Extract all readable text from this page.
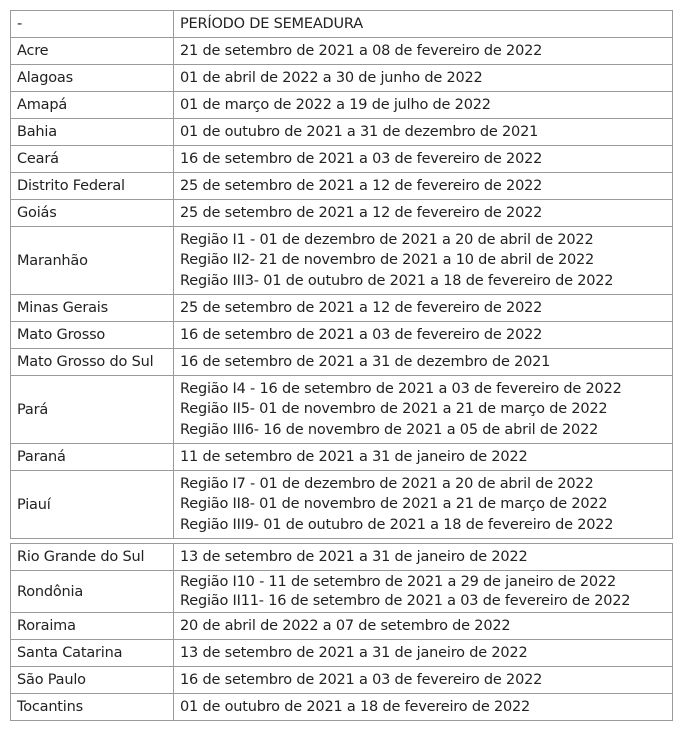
-	PERÍODO DE SEMEADURA
Acre	21 de setembro de 2021 a 08 de fevereiro de 2022

Alagoas	01 de abril de 2022 a 30 de junho de 2022

Amapá	01 de março de 2022 a 19 de julho de 2022

Bahia	01 de outubro de 2021 a 31 de dezembro de 2021

Ceará	16 de setembro de 2021 a 03 de fevereiro de 2022

Distrito Federal	25 de setembro de 2021 a 12 de fevereiro de 2022

Goiás	25 de setembro de 2021 a 12 de fevereiro de 2022

Maranhão	Região I1 - 01 de dezembro de 2021 a 20 de abril de 2022
Região II2- 21 de novembro de 2021 a 10 de abril de 2022
Região III3- 01 de outubro de 2021 a 18 de fevereiro de 2022

Minas Gerais	25 de setembro de 2021 a 12 de fevereiro de 2022

Mato Grosso	16 de setembro de 2021 a 03 de fevereiro de 2022

Mato Grosso do Sul	16 de setembro de 2021 a 31 de dezembro de 2021

Pará	Região I4 - 16 de setembro de 2021 a 03 de fevereiro de 2022
Região II5- 01 de novembro de 2021 a 21 de março de 2022
Região III6- 16 de novembro de 2021 a 05 de abril de 2022

Paraná	11 de setembro de 2021 a 31 de janeiro de 2022

Piauí	Região I7 - 01 de dezembro de 2021 a 20 de abril de 2022
Região II8- 01 de novembro de 2021 a 21 de março de 2022
Região III9- 01 de outubro de 2021 a 18 de fevereiro de 2022
Rio Grande do Sul	13 de setembro de 2021 a 31 de janeiro de 2022

Rondônia	Região I10 - 11 de setembro de 2021 a 29 de janeiro de 2022
Região II11- 16 de setembro de 2021 a 03 de fevereiro de 2022

Roraima	20 de abril de 2022 a 07 de setembro de 2022

Santa Catarina	13 de setembro de 2021 a 31 de janeiro de 2022

São Paulo	16 de setembro de 2021 a 03 de fevereiro de 2022

Tocantins	01 de outubro de 2021 a 18 de fevereiro de 2022
